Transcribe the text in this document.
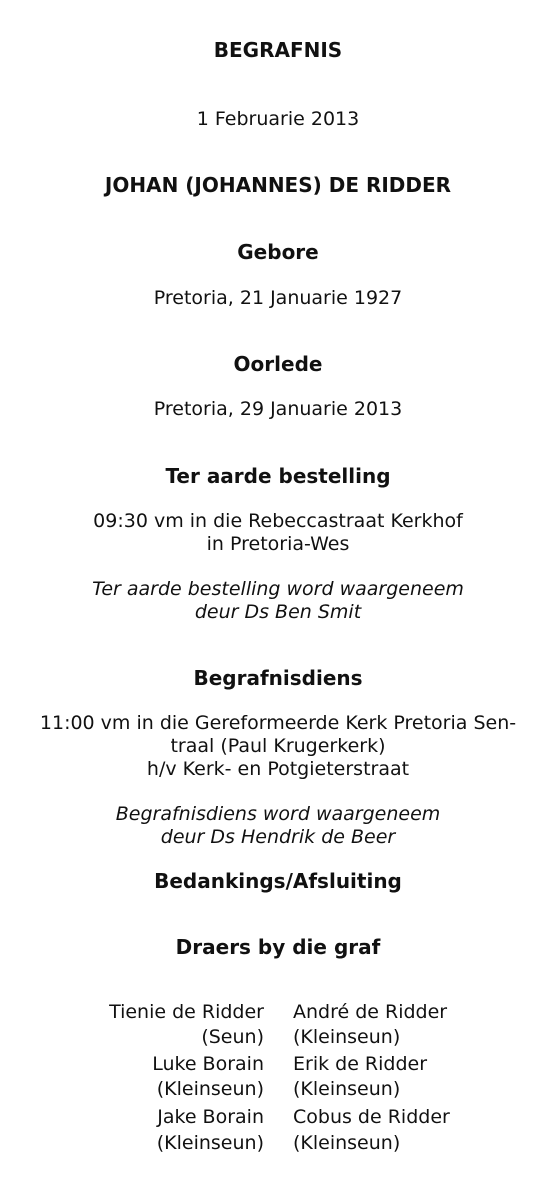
BEGRAFNIS
1 Februarie 2013
JOHAN (JOHANNES) DE RIDDER
Gebore
Pretoria, 21 Januarie 1927
Oorlede
Pretoria, 29 Januarie 2013
Ter aarde bestelling
09:30 vm in die Rebeccastraat Kerkhof
in Pretoria-Wes
Ter aarde bestelling word waargeneem
deur Ds Ben Smit
Begrafnisdiens
11:00 vm in die Gereformeerde Kerk Pretoria Sen-
traal (Paul Krugerkerk)
h/v Kerk- en Potgieterstraat
Begrafnisdiens word waargeneem
deur Ds Hendrik de Beer
Bedankings/Afsluiting
Draers by die graf
Tienie de Ridder
(Seun)
Luke Borain
(Kleinseun)
Jake Borain
(Kleinseun)
André de Ridder
(Kleinseun)
Erik de Ridder
(Kleinseun)
Cobus de Ridder
(Kleinseun)
